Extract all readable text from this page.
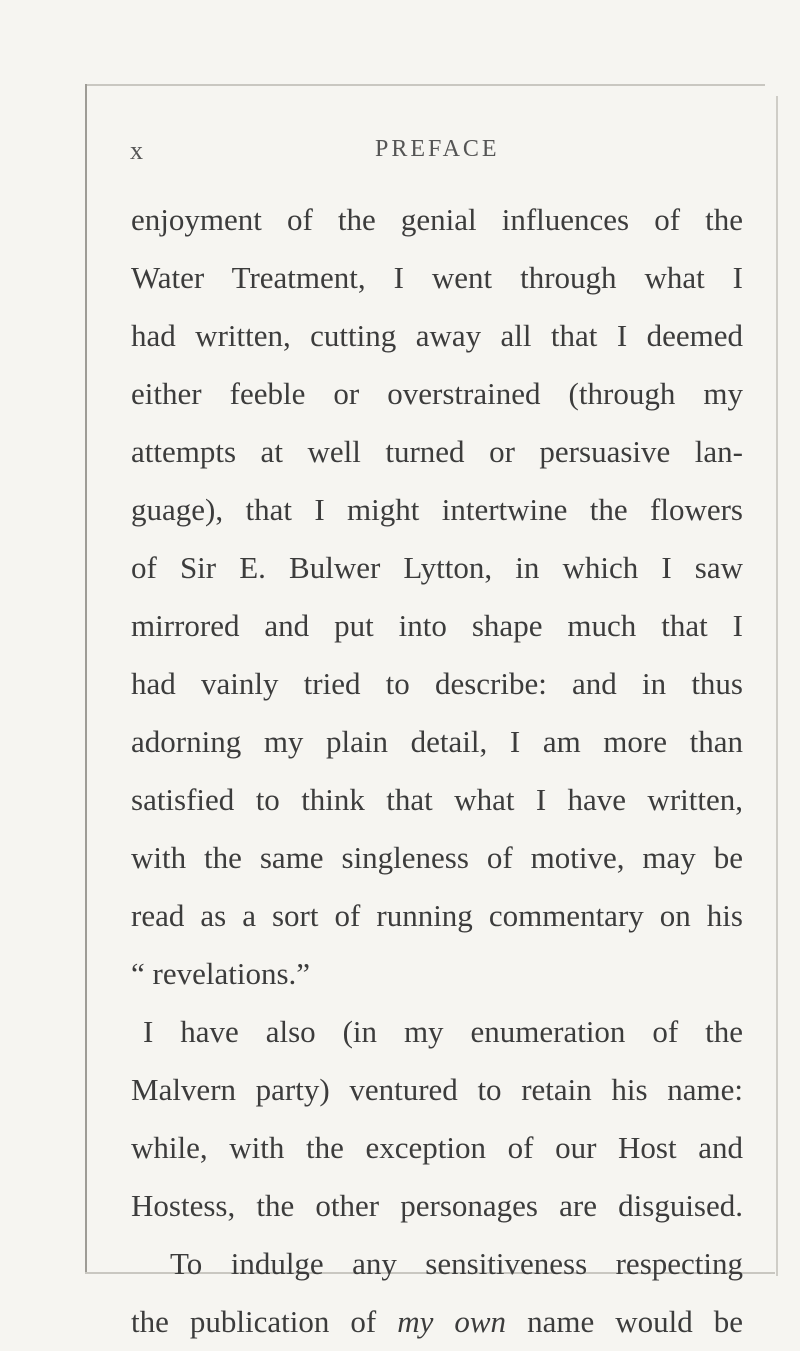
x	PREFACE
enjoyment of the genial influences of the
Water Treatment, I went through what I
had written, cutting away all that I deemed
either feeble or overstrained (through my
attempts at well turned or persuasive lan-
guage), that I might intertwine the flowers
of Sir E. Bulwer Lytton, in which I saw
mirrored and put into shape much that I
had vainly tried to describe: and in thus
adorning my plain detail, I am more than
satisfied to think that what I have written,
with the same singleness of motive, may be
read as a sort of running commentary on his
“ revelations.”
I have also (in my enumeration of the
Malvern party) ventured to retain his name:
while, with the exception of our Host and
Hostess, the other personages are disguised.
To indulge any sensitiveness respecting
the publication of my own name would be
